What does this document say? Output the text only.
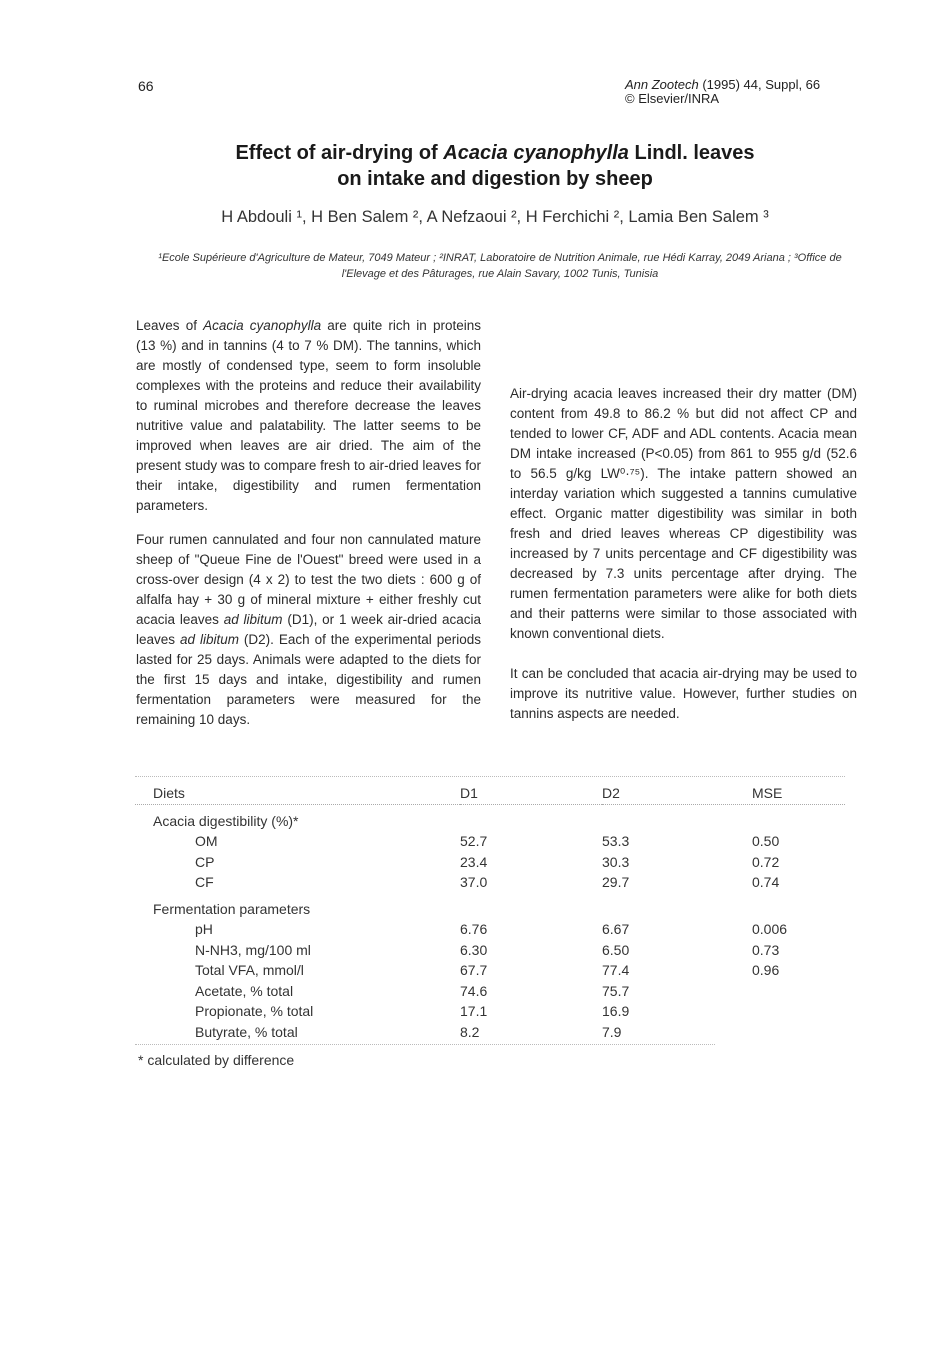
66	Ann Zootech (1995) 44, Suppl, 66
© Elsevier/INRA
Effect of air-drying of Acacia cyanophylla Lindl. leaves
on intake and digestion by sheep
H Abdouli ¹, H Ben Salem ², A Nefzaoui ², H Ferchichi ², Lamia Ben Salem ³
¹Ecole Supérieure d'Agriculture de Mateur, 7049 Mateur ; ²INRAT, Laboratoire de Nutrition Animale, rue Hédi Karray, 2049 Ariana ; ³Office de l'Elevage et des Pâturages, rue Alain Savary, 1002 Tunis, Tunisia

Leaves of Acacia cyanophylla are quite rich in proteins (13 %) and in tannins (4 to 7 % DM). The tannins, which are mostly of condensed type, seem to form insoluble complexes with the proteins and reduce their availability to ruminal microbes and therefore decrease the leaves nutritive value and palatability. The latter seems to be improved when leaves are air dried. The aim of the present study was to compare fresh to air-dried leaves for their intake, digestibility and rumen fermentation parameters.

Four rumen cannulated and four non cannulated mature sheep of "Queue Fine de l'Ouest" breed were used in a cross-over design (4 x 2) to test the two diets : 600 g of alfalfa hay + 30 g of mineral mixture + either freshly cut acacia leaves ad libitum (D1), or 1 week air-dried acacia leaves ad libitum (D2). Each of the experimental periods lasted for 25 days. Animals were adapted to the diets for the first 15 days and intake, digestibility and rumen fermentation parameters were measured for the remaining 10 days.

Air-drying acacia leaves increased their dry matter (DM) content from 49.8 to 86.2 % but did not affect CP and tended to lower CF, ADF and ADL contents. Acacia mean DM intake increased (P<0.05) from 861 to 955 g/d (52.6 to 56.5 g/kg LW⁰·⁷⁵). The intake pattern showed an interday variation which suggested a tannins cumulative effect. Organic matter digestibility was similar in both fresh and dried leaves whereas CP digestibility was increased by 7 units percentage and CF digestibility was decreased by 7.3 units percentage after drying. The rumen fermentation parameters were alike for both diets and their patterns were similar to those associated with known conventional diets.

It can be concluded that acacia air-drying may be used to improve its nutritive value. However, further studies on tannins aspects are needed.

Diets	D1	D2	MSE
Acacia digestibility (%)*			
OM	52.7	53.3	0.50
CP	23.4	30.3	0.72
CF	37.0	29.7	0.74
Fermentation parameters			
pH	6.76	6.67	0.006
N-NH3, mg/100 ml	6.30	6.50	0.73
Total VFA, mmol/l	67.7	77.4	0.96
Acetate, % total	74.6	75.7	
Propionate, % total	17.1	16.9	
Butyrate, % total	8.2	7.9	
* calculated by difference
